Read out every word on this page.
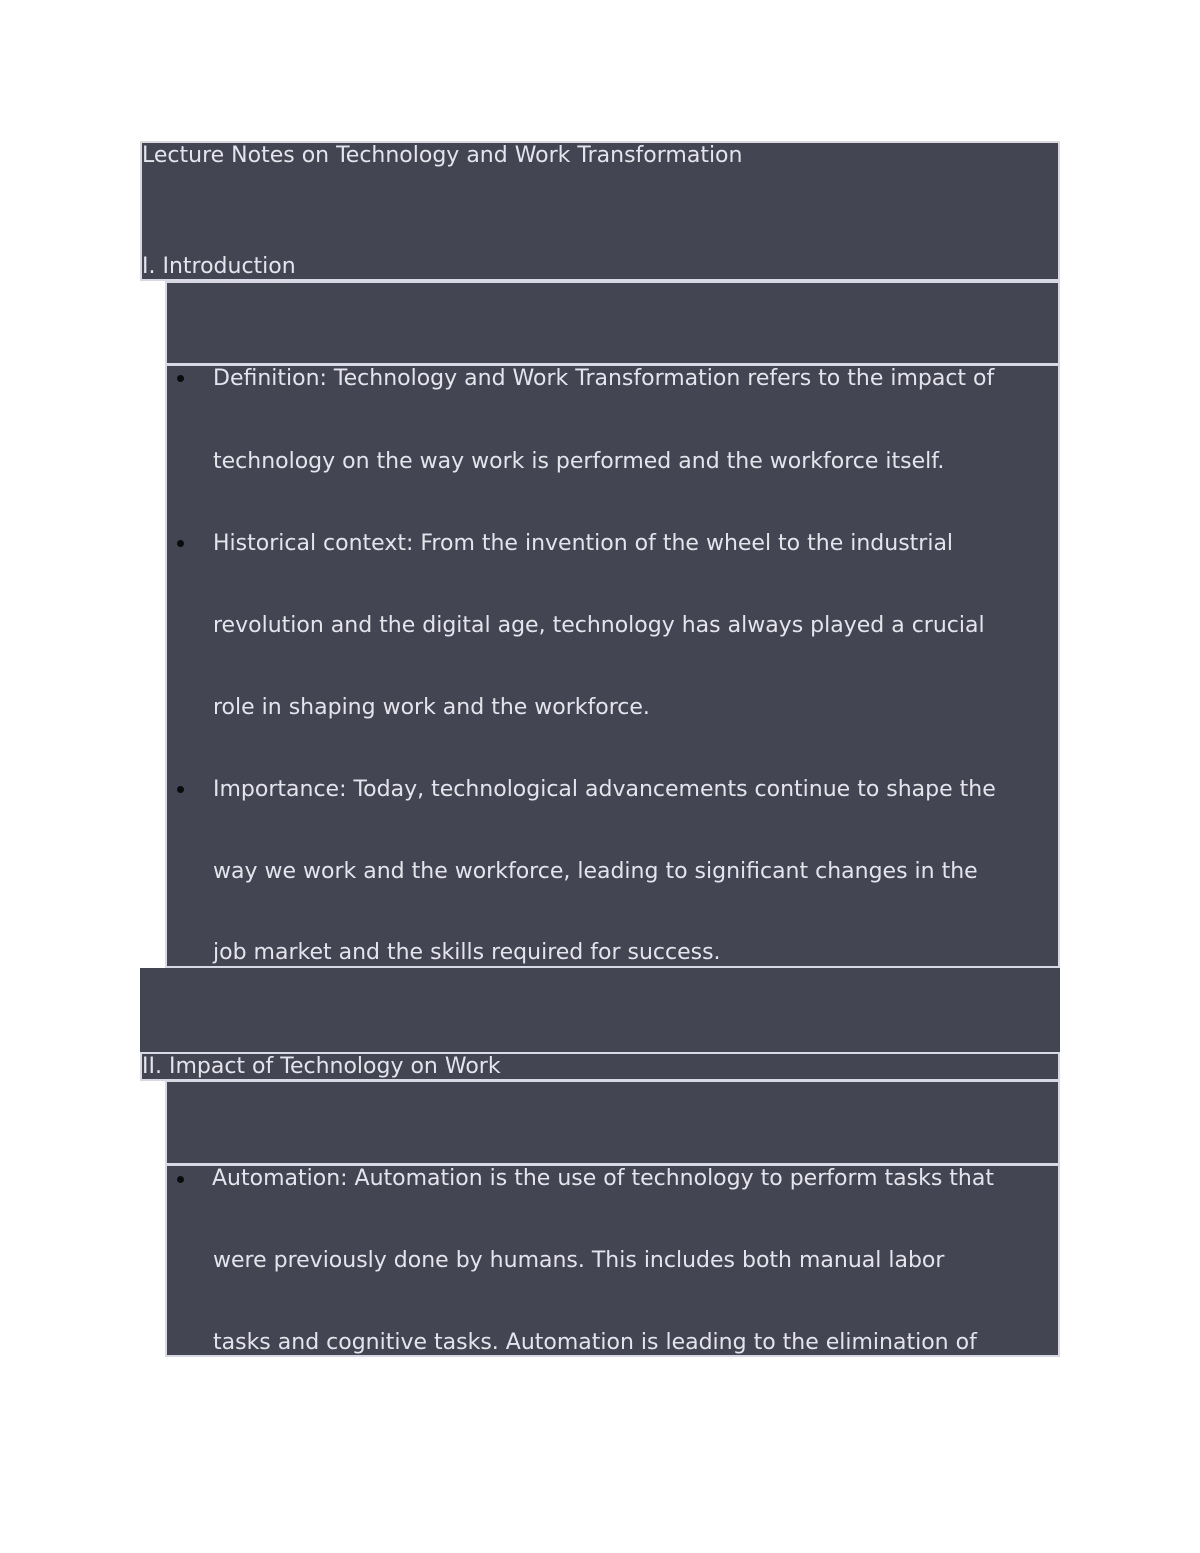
Lecture Notes on Technology and Work Transformation
I. Introduction
Definition: Technology and Work Transformation refers to the impact of
technology on the way work is performed and the workforce itself.
Historical context: From the invention of the wheel to the industrial
revolution and the digital age, technology has always played a crucial
role in shaping work and the workforce.
Importance: Today, technological advancements continue to shape the
way we work and the workforce, leading to significant changes in the
job market and the skills required for success.
II. Impact of Technology on Work
Automation: Automation is the use of technology to perform tasks that
were previously done by humans. This includes both manual labor
tasks and cognitive tasks. Automation is leading to the elimination of
